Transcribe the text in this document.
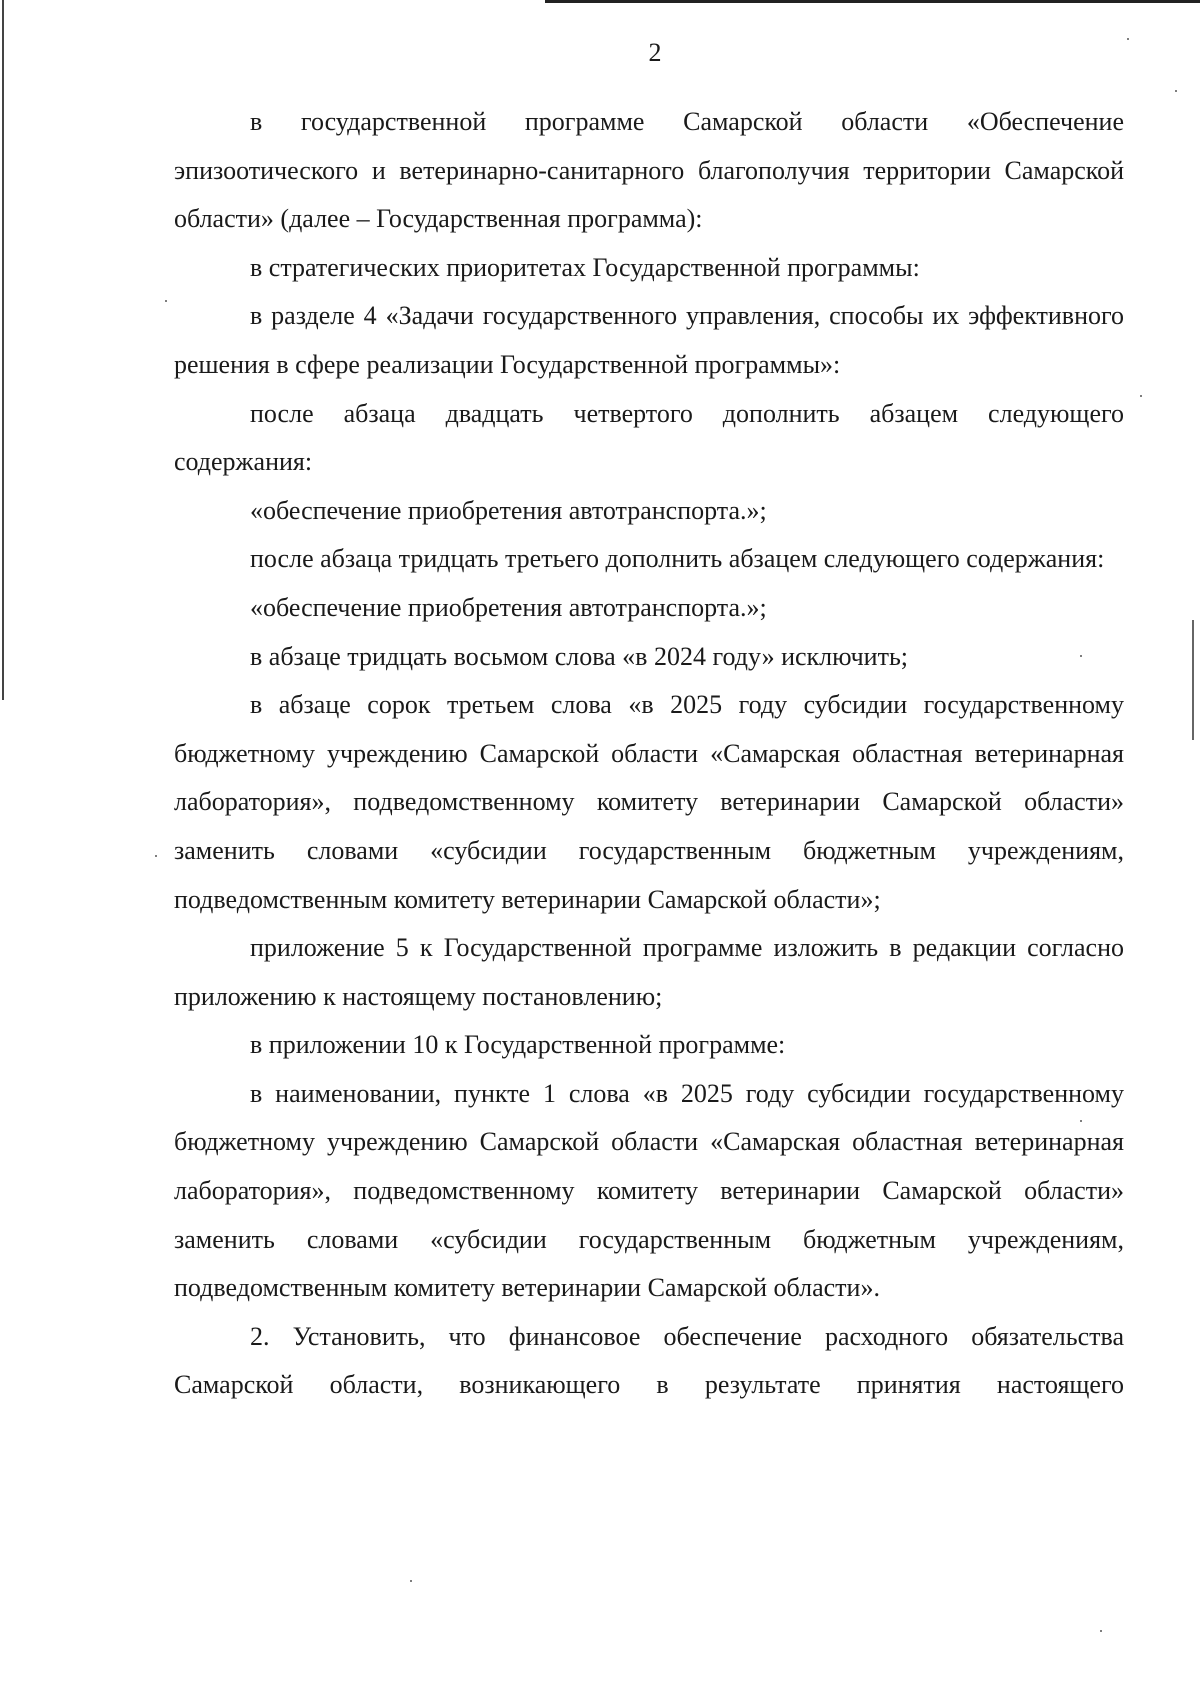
2

в государственной программе Самарской области «Обеспечение эпизоотического и ветеринарно-санитарного благополучия территории Самарской области» (далее – Государственная программа):

в стратегических приоритетах Государственной программы:

в разделе 4 «Задачи государственного управления, способы их эффективного решения в сфере реализации Государственной программы»:

после абзаца двадцать четвертого дополнить абзацем следующего содержания:

«обеспечение приобретения автотранспорта.»;

после абзаца тридцать третьего дополнить абзацем следующего содержания:

«обеспечение приобретения автотранспорта.»;

в абзаце тридцать восьмом слова «в 2024 году» исключить;

в абзаце сорок третьем слова «в 2025 году субсидии государственному бюджетному учреждению Самарской области «Самарская областная ветеринарная лаборатория», подведомственному комитету ветеринарии Самарской области» заменить словами «субсидии государственным бюджетным учреждениям, подведомственным комитету ветеринарии Самарской области»;

приложение 5 к Государственной программе изложить в редакции согласно приложению к настоящему постановлению;

в приложении 10 к Государственной программе:

в наименовании, пункте 1 слова «в 2025 году субсидии государственному бюджетному учреждению Самарской области «Самарская областная ветеринарная лаборатория», подведомственному комитету ветеринарии Самарской области» заменить словами «субсидии государственным бюджетным учреждениям, подведомственным комитету ветеринарии Самарской области».

2. Установить, что финансовое обеспечение расходного обязательства Самарской области, возникающего в результате принятия настоящего
